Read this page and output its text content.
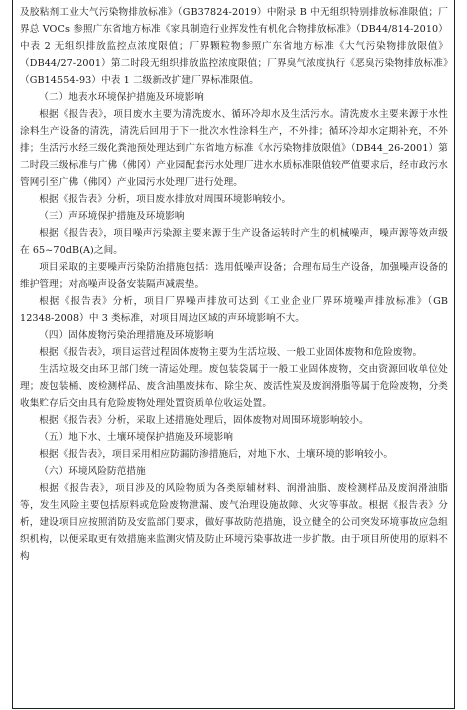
及胶粘剂工业大气污染物排放标准》（GB37824-2019）中附录 B 中无组织特别排放标准限值；厂界总 VOCs 参照广东省地方标准《家具制造行业挥发性有机化合物排放标准》（DB44/814-2010）中表 2 无组织排放监控点浓度限值；厂界颗粒物参照广东省地方标准《大气污染物排放限值》（DB44/27-2001）第二时段无组织排放监控浓度限值；厂界臭气浓度执行《恶臭污染物排放标准》（GB14554-93）中表 1 二级新改扩建厂界标准限值。

（二）地表水环境保护措施及环境影响

根据《报告表》，项目废水主要为清洗废水、循环冷却水及生活污水。清洗废水主要来源于水性涂料生产设备的清洗，清洗后回用于下一批次水性涂料生产，不外排；循环冷却水定期补充，不外排；生活污水经三级化粪池预处理达到广东省地方标准《水污染物排放限值》（DB44_26-2001）第二时段三级标准与广佛（佛冈）产业园配套污水处理厂进水水质标准限值较严值要求后，经市政污水管网引至广佛（佛冈）产业园污水处理厂进行处理。

根据《报告表》分析，项目废水排放对周围环境影响较小。

（三）声环境保护措施及环境影响

根据《报告表》，项目噪声污染源主要来源于生产设备运转时产生的机械噪声，噪声源等效声级在 65~70dB(A)之间。

项目采取的主要噪声污染防治措施包括：选用低噪声设备；合理布局生产设备，加强噪声设备的维护管理；对高噪声设备安装隔声减震垫。

根据《报告表》分析，项目厂界噪声排放可达到《工业企业厂界环境噪声排放标准》（GB 12348-2008）中 3 类标准，对项目周边区域的声环境影响不大。

（四）固体废物污染治理措施及环境影响

根据《报告表》，项目运营过程固体废物主要为生活垃圾、一般工业固体废物和危险废物。

生活垃圾交由环卫部门统一清运处理。废包装袋属于一般工业固体废物，交由资源回收单位处理；废包装桶、废检测样品、废含油墨废抹布、除尘灰、废活性炭及废润滑脂等属于危险废物，分类收集贮存后交由具有危险废物处理处置资质单位收运处置。

根据《报告表》分析，采取上述措施处理后，固体废物对周围环境影响较小。

（五）地下水、土壤环境保护措施及环境影响

根据《报告表》，项目采用相应防漏防渗措施后，对地下水、土壤环境的影响较小。

（六）环境风险防范措施

根据《报告表》，项目涉及的风险物质为各类原辅材料、润滑油脂、废检测样品及废润滑油脂等，发生风险主要包括原料或危险废物泄漏、废气治理设施故障、火灾等事故。根据《报告表》分析，建设项目应按照消防及安监部门要求，做好事故防范措施，设立健全的公司突发环境事故应急组织机构，以便采取更有效措施来监测灾情及防止环境污染事故进一步扩散。由于项目所使用的原料不构
